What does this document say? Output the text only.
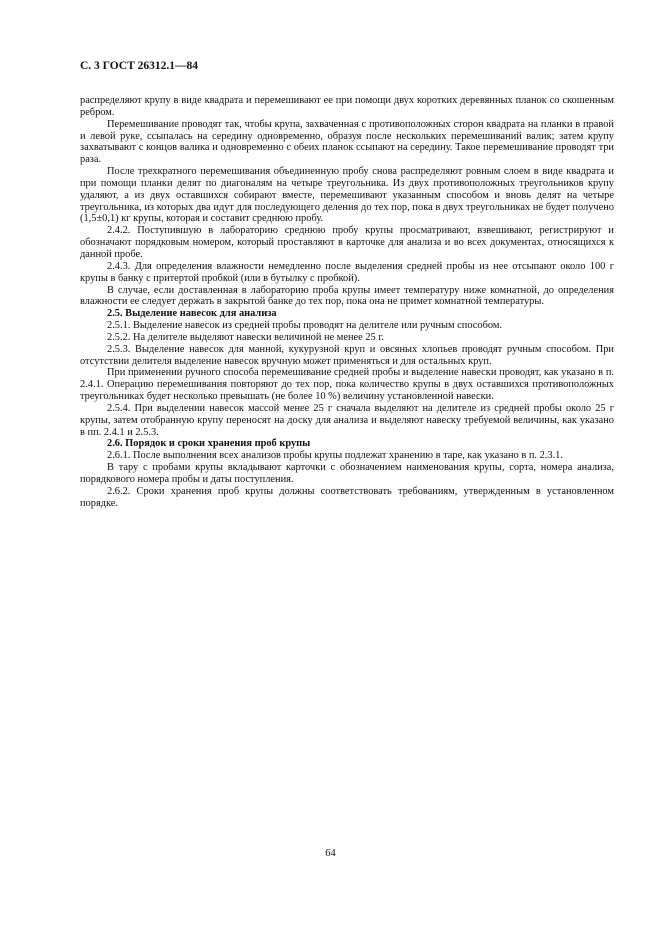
С. 3 ГОСТ 26312.1—84

распределяют крупу в виде квадрата и перемешивают ее при помощи двух коротких деревянных планок со скошенным ребром.

Перемешивание проводят так, чтобы крупа, захваченная с противоположных сторон квадрата на планки в правой и левой руке, ссыпалась на середину одновременно, образуя после нескольких перемешиваний валик; затем крупу захватывают с концов валика и одновременно с обеих планок ссыпают на середину. Такое перемешивание проводят три раза.

После трехкратного перемешивания объединенную пробу снова распределяют ровным слоем в виде квадрата и при помощи планки делят по диагоналям на четыре треугольника. Из двух противоположных треугольников крупу удаляют, а из двух оставшихся собирают вместе, перемешивают указанным способом и вновь делят на четыре треугольника, из которых два идут для последующего деления до тех пор, пока в двух треугольниках не будет получено (1,5±0,1) кг крупы, которая и составит среднюю пробу.

2.4.2. Поступившую в лабораторию среднюю пробу крупы просматривают, взвешивают, регистрируют и обозначают порядковым номером, который проставляют в карточке для анализа и во всех документах, относящихся к данной пробе.

2.4.3. Для определения влажности немедленно после выделения средней пробы из нее отсыпают около 100 г крупы в банку с притертой пробкой (или в бутылку с пробкой).

В случае, если доставленная в лабораторию проба крупы имеет температуру ниже комнатной, до определения влажности ее следует держать в закрытой банке до тех пор, пока она не примет комнатной температуры.

2.5. Выделение навесок для анализа

2.5.1. Выделение навесок из средней пробы проводят на делителе или ручным способом.

2.5.2. На делителе выделяют навески величиной не менее 25 г.

2.5.3. Выделение навесок для манной, кукурузной круп и овсяных хлопьев проводят ручным способом. При отсутствии делителя выделение навесок вручную может применяться и для остальных круп.

При применении ручного способа перемешивание средней пробы и выделение навески проводят, как указано в п. 2.4.1. Операцию перемешивания повторяют до тех пор, пока количество крупы в двух оставшихся противоположных треугольниках будет несколько превышать (не более 10 %) величину установленной навески.

2.5.4. При выделении навесок массой менее 25 г сначала выделяют на делителе из средней пробы около 25 г крупы, затем отобранную крупу переносят на доску для анализа и выделяют навеску требуемой величины, как указано в пп. 2.4.1 и 2.5.3.

2.6. Порядок и сроки хранения проб крупы

2.6.1. После выполнения всех анализов пробы крупы подлежат хранению в таре, как указано в п. 2.3.1.

В тару с пробами крупы вкладывают карточки с обозначением наименования крупы, сорта, номера анализа, порядкового номера пробы и даты поступления.

2.6.2. Сроки хранения проб крупы должны соответствовать требованиям, утвержденным в установленном порядке.

64
